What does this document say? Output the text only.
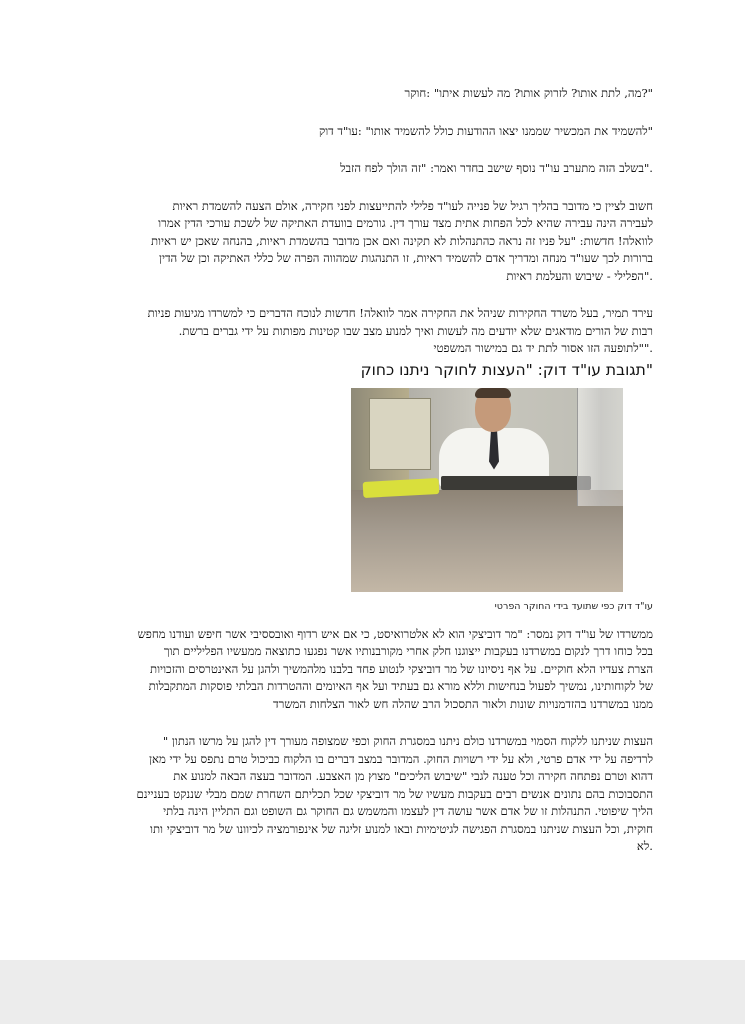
"?מה, לתת אותו? לזרוק אותו? מה לעשות איתו" :חוקר

"להשמיד את המכשיר שממנו יצאו ההודעות כולל להשמיד אותו" :עו"ד דוק

."בשלב הזה מתערב עו"ד נוסף שישב בחדר ואמר: "זה הולך לפח הזבל

חשוב לציין כי מדובר בהליך רגיל של פנייה לעו"ד פלילי להתייעצות לפני חקירה, אולם הצעה להשמדת ראיות

לעבירה הינה עבירה שהיא לכל הפחות אתית מצד עורך דין. גורמים בוועדת האתיקה של לשכת עורכי הדין אמרו

לוואלה! חדשות: "על פניו זה נראה כהתנהלות לא תקינה ואם אכן מדובר בהשמדת ראיות, בהנחה שאכן יש ראיות

ברורות לכך שעו"ד מנחה ומדריך אדם להשמיד ראיות, זו התנהגות שמהווה הפרה של כללי האתיקה וכן של הדין

."הפלילי - שיבוש והעלמת ראיות

עירד תמיר, בעל משרד החקירות שניהל את החקירה אמר לוואלה! חדשות לנוכח הדברים כי למשרדו מגיעות פניות

רבות של הורים מודאגים שלא יודעים מה לעשות ואיך למנוע מצב שבו קטינות מפותות על ידי גברים ברשת.

.""לתופעה הזו אסור לתת יד גם במישור המשפטי

"תגובת עו"ד דוק: "העצות לחוקר ניתנו כחוק

עו"ד דוק כפי שתועד בידי החוקר הפרטי

ממשרדו של עו"ד דוק נמסר: "מר דוביצקי הוא לא אלטרואיסט, כי אם איש רדוף ואובססיבי אשר חיפש ועודנו מחפש

בכל כוחו דרך לנקום במשרדנו בעקבות ייצוגנו חלק אחרי מקורבנותיו אשר נפגעו כתוצאה ממעשיו הפליליים תוך

הצרת צעדיו הלא חוקיים. על אף ניסיונו של מר דוביצקי לנטוע פחד בלבנו מלהמשיך ולהגן על האינטרסים והזכויות

של לקוחותינו, נמשיך לפעול בנחישות וללא מורא גם בעתיד ועל אף האיומים וההטרדות הבלתי פוסקות המתקבלות

ממנו במשרדנו בהזדמנויות שונות ולאור התסכול הרב שהלה חש לאור הצלחות המשרד

העצות שניתנו ללקוח הסמוי במשרדנו כולם ניתנו במסגרת החוק וכפי שמצופה מעורך דין להגן על מרשו הנתון "

לרדיפה על ידי אדם פרטי, ולא על ידי רשויות החוק. המדובר במצב דברים בו הלקוח כביכול טרם נתפס על ידי מאן

דהוא וטרם נפתחה חקירה וכל טענה לגבי "שיבוש הליכים" מצוץ מן האצבע. המדובר בעצה הבאה למנוע את

התסבוכות בהם נתונים אנשים רבים בעקבות מעשיו של מר דוביצקי שכל תכליתם השחרת שמם מבלי שננקט בעניינם

הליך שיפוטי. התנהלות זו של אדם אשר עושה דין לעצמו והמשמש גם החוקר גם השופט וגם התליין הינה בלתי

חוקית, וכל העצות שניתנו במסגרת הפגישה לגיטימיות ובאו למנוע זליגה של אינפורמציה לכיוונו של מר דוביצקי ותו

.לא
